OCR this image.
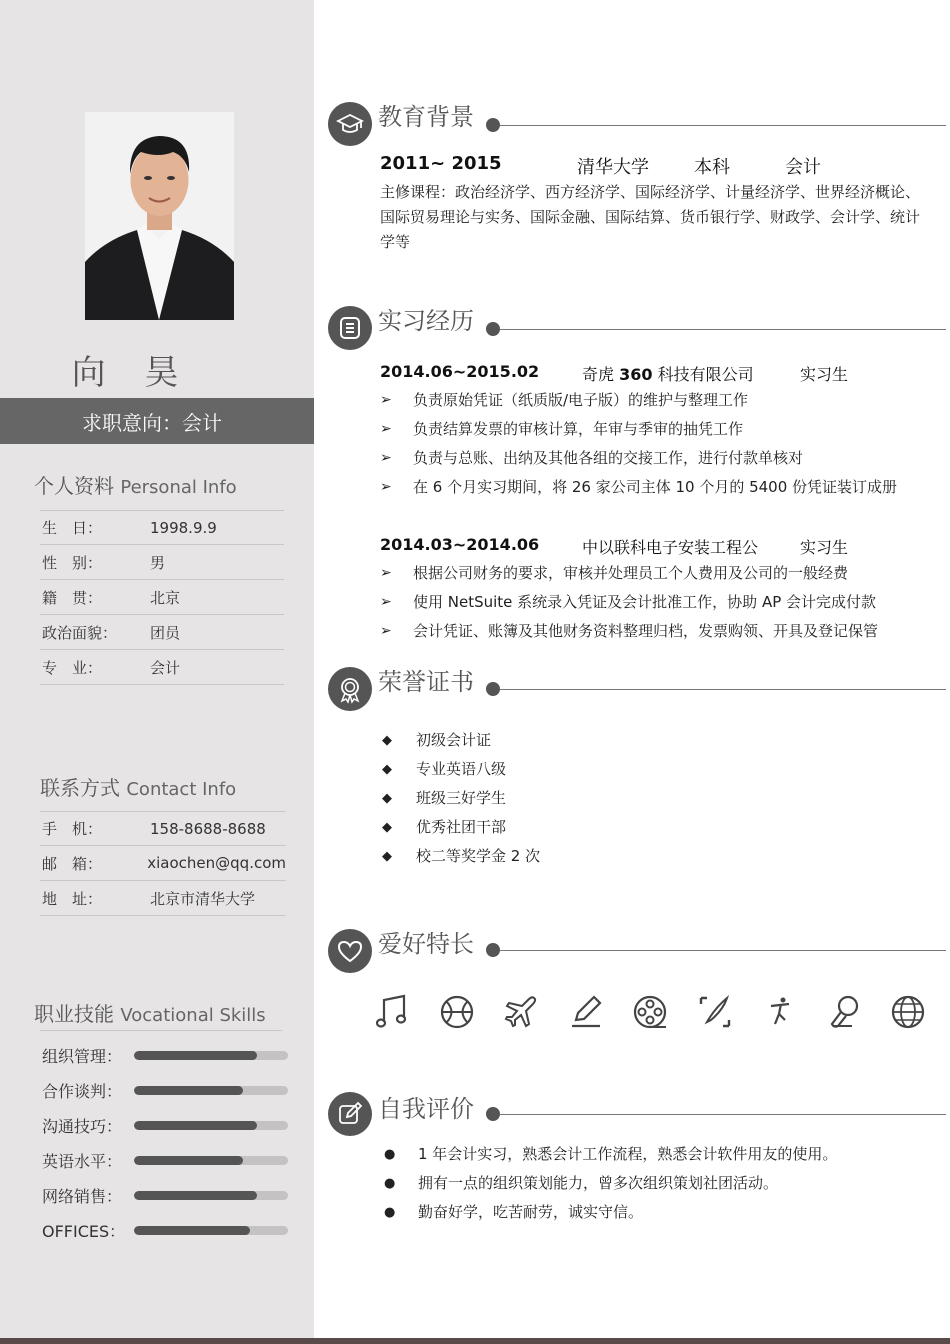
向 昊
求职意向：会计
个人资料 Personal Info
生　日：	1998.9.9
性　别：	男
籍　贯：	北京
政治面貌：	团员
专　业：	会计
联系方式 Contact Info
手　机：	158-8688-8688
邮　箱：	xiaochen@qq.com
地　址：	北京市清华大学
职业技能 Vocational Skills
组织管理：
合作谈判：
沟通技巧：
英语水平：
网络销售：
OFFICES：
教育背景
2011~ 2015	清华大学	本科	会计
主修课程：政治经济学、西方经济学、国际经济学、计量经济学、世界经济概论、国际贸易理论与实务、国际金融、国际结算、货币银行学、财政学、会计学、统计学等
实习经历
2014.06~2015.02	奇虎 360 科技有限公司	实习生
➢ 负责原始凭证（纸质版/电子版）的维护与整理工作
➢ 负责结算发票的审核计算，年审与季审的抽凭工作
➢ 负责与总账、出纳及其他各组的交接工作，进行付款单核对
➢ 在 6 个月实习期间，将 26 家公司主体 10 个月的 5400 份凭证装订成册
2014.03~2014.06	中以联科电子安装工程公	实习生
➢ 根据公司财务的要求，审核并处理员工个人费用及公司的一般经费
➢ 使用 NetSuite 系统录入凭证及会计批准工作，协助 AP 会计完成付款
➢ 会计凭证、账簿及其他财务资料整理归档，发票购领、开具及登记保管
荣誉证书
◆ 初级会计证
◆ 专业英语八级
◆ 班级三好学生
◆ 优秀社团干部
◆ 校二等奖学金 2 次
爱好特长
自我评价
● 1 年会计实习，熟悉会计工作流程，熟悉会计软件用友的使用。
● 拥有一点的组织策划能力，曾多次组织策划社团活动。
● 勤奋好学，吃苦耐劳，诚实守信。
